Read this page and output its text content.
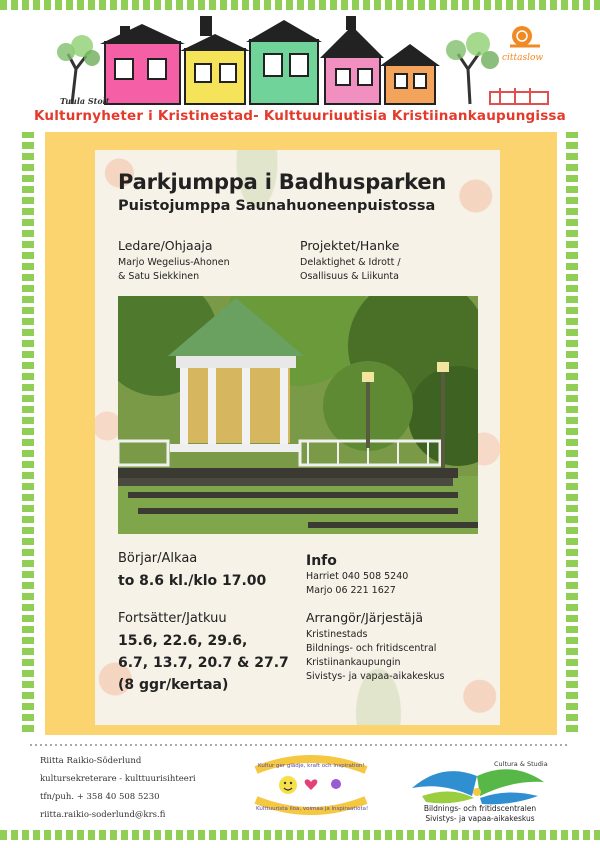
cittaslow
Tuula Stolt
Kulturnyheter i Kristinestad- Kulttuuriuutisia Kristiinankaupungissa
Parkjumppa i Badhusparken
Puistojumppa Saunahuoneenpuistossa
Ledare/Ohjaaja
Marjo Wegelius-Ahonen
& Satu Siekkinen
Projektet/Hanke
Delaktighet & Idrott /
Osallisuus & Liikunta
Börjar/Alkaa
to 8.6 kl./klo 17.00
Fortsätter/Jatkuu
15.6, 22.6, 29.6,
6.7, 13.7, 20.7 & 27.7
(8 ggr/kertaa)
Info
Harriet 040 508 5240
Marjo 06 221 1627
Arrangör/Järjestäjä
Kristinestads
Bildnings- och fritidscentral
Kristiinankaupungin
Sivistys- ja vapaa-aikakeskus
Riitta Raikio-Söderlund
kultursekreterare - kulttuurisihteeri
tfn/puh. + 358 40 508 5230
riitta.raikio-soderlund@krs.fi
Kultur ger glädje, kraft och inspiration!
Kulttuurista iloa, voimaa ja inspiraatiota!
Cultura & Studia
Bildnings- och fritidscentralen
Sivistys- ja vapaa-aikakeskus
